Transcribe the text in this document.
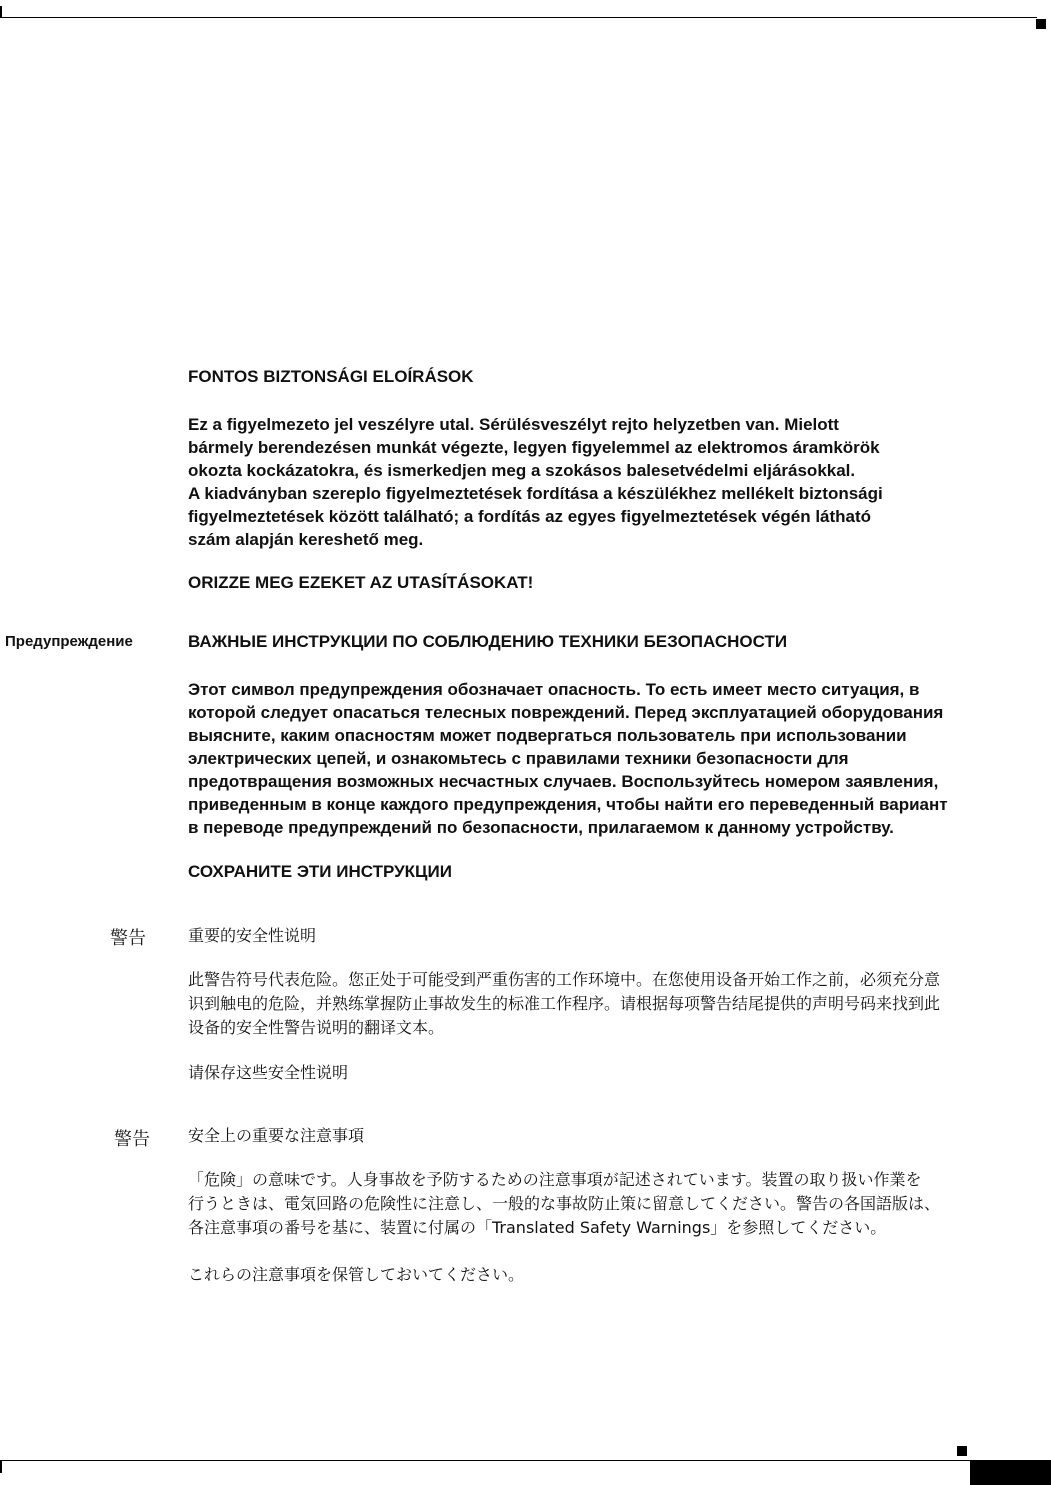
FONTOS BIZTONSÁGI ELOÍRÁSOK
Ez a figyelmezeto jel veszélyre utal. Sérülésveszélyt rejto helyzetben van. Mielott
bármely berendezésen munkát végezte, legyen figyelemmel az elektromos áramkörök
okozta kockázatokra, és ismerkedjen meg a szokásos balesetvédelmi eljárásokkal.
A kiadványban szereplo figyelmeztetések fordítása a készülékhez mellékelt biztonsági
figyelmeztetések között található; a fordítás az egyes figyelmeztetések végén látható
szám alapján kereshető meg.
ORIZZE MEG EZEKET AZ UTASÍTÁSOKAT!
Предупреждение	ВАЖНЫЕ ИНСТРУКЦИИ ПО СОБЛЮДЕНИЮ ТЕХНИКИ БЕЗОПАСНОСТИ
Этот символ предупреждения обозначает опасность. То есть имеет место ситуация, в
которой следует опасаться телесных повреждений. Перед эксплуатацией оборудования
выясните, каким опасностям может подвергаться пользователь при использовании
электрических цепей, и ознакомьтесь с правилами техники безопасности для
предотвращения возможных несчастных случаев. Воспользуйтесь номером заявления,
приведенным в конце каждого предупреждения, чтобы найти его переведенный вариант
в переводе предупреждений по безопасности, прилагаемом к данному устройству.
СОХРАНИТЕ ЭТИ ИНСТРУКЦИИ
警告	重要的安全性说明
此警告符号代表危险。您正处于可能受到严重伤害的工作环境中。在您使用设备开始工作之前，必须充分意
识到触电的危险，并熟练掌握防止事故发生的标准工作程序。请根据每项警告结尾提供的声明号码来找到此
设备的安全性警告说明的翻译文本。
请保存这些安全性说明
警告 安全上の重要な注意事項
「危険」の意味です。人身事故を予防するための注意事項が記述されています。装置の取り扱い作業を
行うときは、電気回路の危険性に注意し、一般的な事故防止策に留意してください。警告の各国語版は、
各注意事項の番号を基に、装置に付属の「Translated Safety Warnings」を参照してください。
これらの注意事項を保管しておいてください。
